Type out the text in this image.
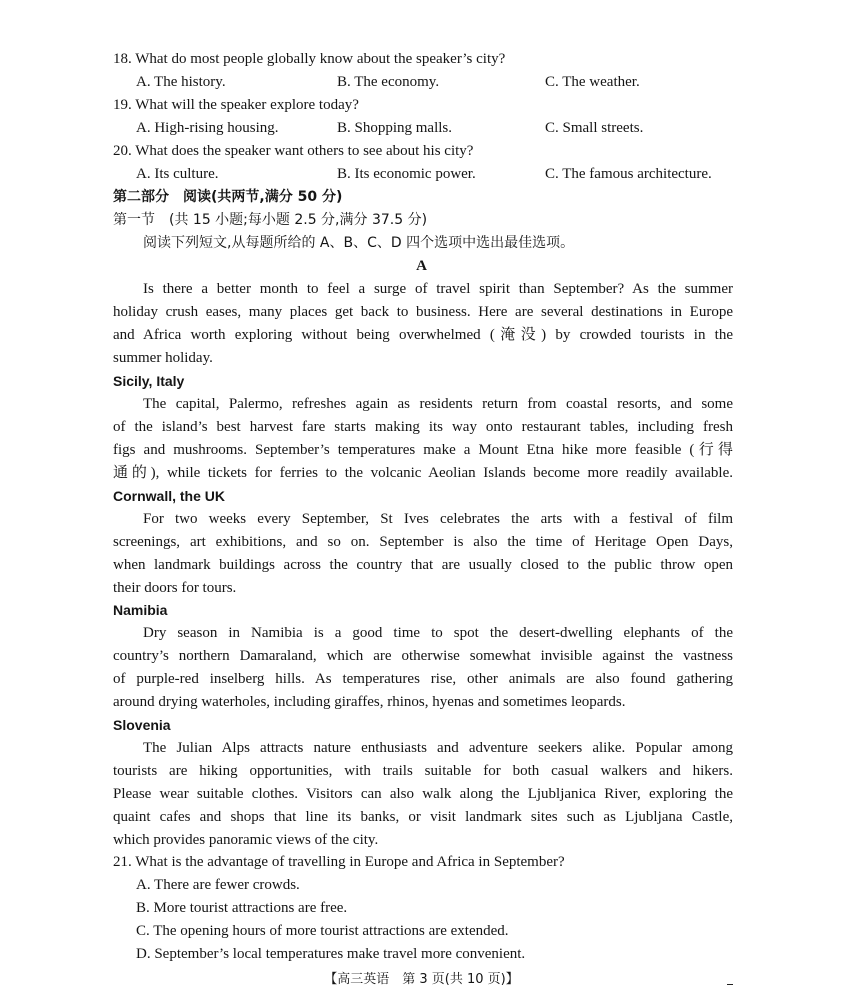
18. What do most people globally know about the speaker’s city?
A. The history.	B. The economy.	C. The weather.
19. What will the speaker explore today?
A. High-rising housing.	B. Shopping malls.	C. Small streets.
20. What does the speaker want others to see about his city?
A. Its culture.	B. Its economic power.	C. The famous architecture.
第二部分　阅读(共两节,满分 50 分)
第一节　(共 15 小题;每小题 2.5 分,满分 37.5 分)
阅读下列短文,从每题所给的 A、B、C、D 四个选项中选出最佳选项。
A
Is there a better month to feel a surge of travel spirit than September? As the summer
holiday crush eases, many places get back to business. Here are several destinations in Europe
and Africa worth exploring without being overwhelmed (淹没) by crowded tourists in the
summer holiday.
Sicily, Italy
The capital, Palermo, refreshes again as residents return from coastal resorts, and some
of the island’s best harvest fare starts making its way onto restaurant tables, including fresh
figs and mushrooms. September’s temperatures make a Mount Etna hike more feasible (行得
通的), while tickets for ferries to the volcanic Aeolian Islands become more readily available.
Cornwall, the UK
For two weeks every September, St Ives celebrates the arts with a festival of film
screenings, art exhibitions, and so on. September is also the time of Heritage Open Days,
when landmark buildings across the country that are usually closed to the public throw open
their doors for tours.
Namibia
Dry season in Namibia is a good time to spot the desert-dwelling elephants of the
country’s northern Damaraland, which are otherwise somewhat invisible against the vastness
of purple-red inselberg hills. As temperatures rise, other animals are also found gathering
around drying waterholes, including giraffes, rhinos, hyenas and sometimes leopards.
Slovenia
The Julian Alps attracts nature enthusiasts and adventure seekers alike. Popular among
tourists are hiking opportunities, with trails suitable for both casual walkers and hikers.
Please wear suitable clothes. Visitors can also walk along the Ljubljanica River, exploring the
quaint cafes and shops that line its banks, or visit landmark sites such as Ljubljana Castle,
which provides panoramic views of the city.
21. What is the advantage of travelling in Europe and Africa in September?
A. There are fewer crowds.
B. More tourist attractions are free.
C. The opening hours of more tourist attractions are extended.
D. September’s local temperatures make travel more convenient.
【高三英语　第 3 页(共 10 页)】
